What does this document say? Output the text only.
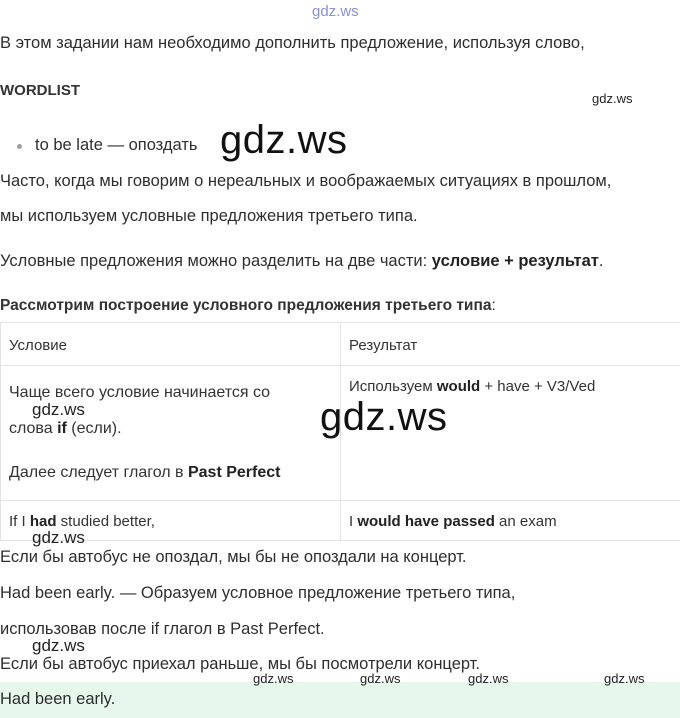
gdz.ws
В этом задании нам необходимо дополнить предложение, используя слово,
WORDLIST	gdz.ws
to be late — опоздать gdz.ws
Часто, когда мы говорим о нереальных и воображаемых ситуациях в прошлом,
мы используем условные предложения третьего типа.
Условные предложения можно разделить на две части: условие + результат.
Рассмотрим построение условного предложения третьего типа:
Условие	Результат

Чаще всего условие начинается со
слова if (если).
Далее следует глагол в Past Perfect	Используем would + have + V3/Ved
If I had studied better,	I would have passed an exam
gdz.ws	gdz.ws
gdz.ws
Если бы автобус не опоздал, мы бы не опоздали на концерт.
Had been early. — Образуем условное предложение третьего типа,
использовав после if глагол в Past Perfect.
gdz.ws
Если бы автобус приехал раньше, мы бы посмотрели концерт.
Had been early.
gdz.ws	gdz.ws	gdz.ws	gdz.ws
